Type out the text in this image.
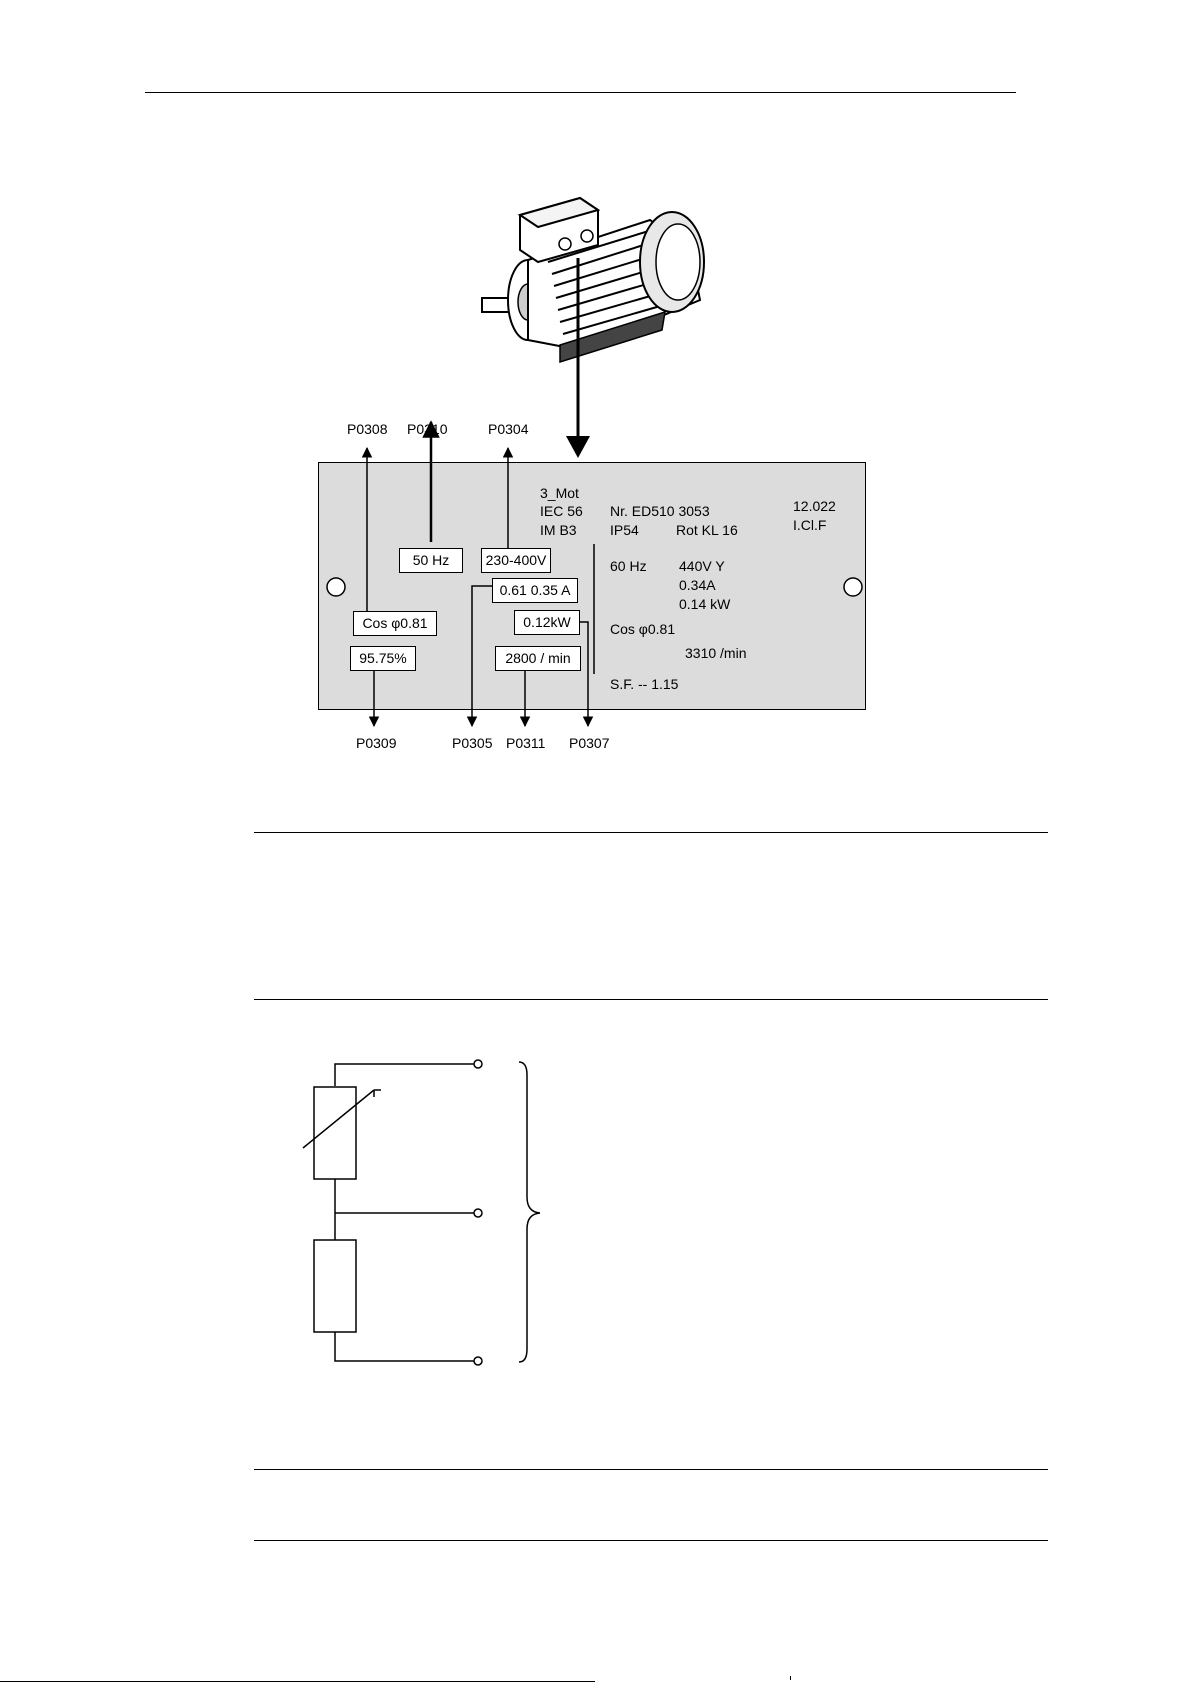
P0308 P0310	P0304
P0309	P0305 P0311 P0307
50 Hz	230-400V
0.61 0.35 A
Cos φ0.81	0.12kW
95.75%	2800 / min
3_Mot
IEC 56
IM B3
Nr. ED510 3053
IP54	Rot KL 16
12.022
I.Cl.F
60 Hz 440V Y
0.34A
0.14 kW
Cos φ0.81
3310 /min
S.F. -- 1.15
